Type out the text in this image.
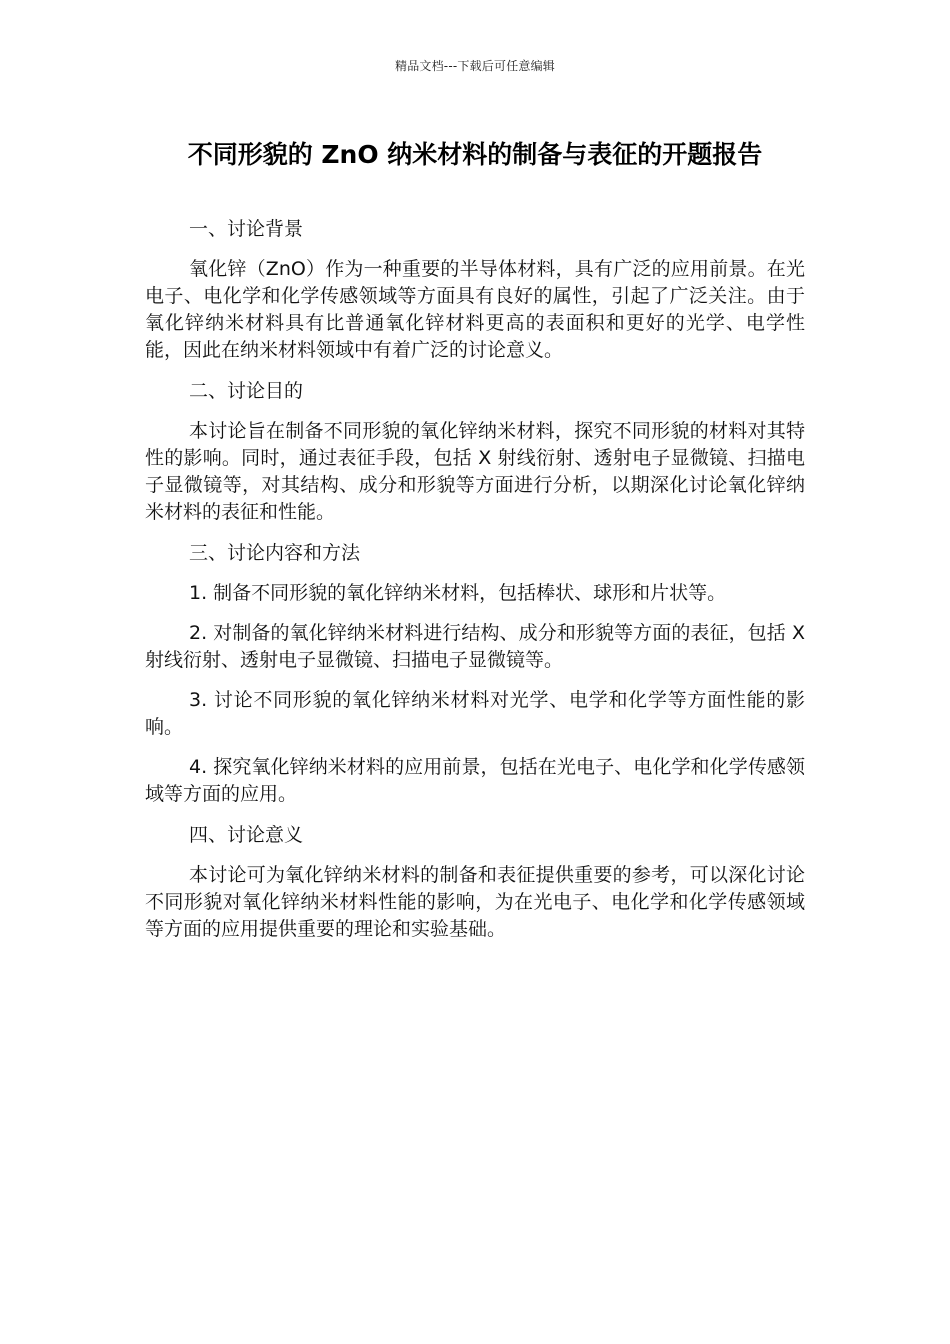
精品文档---下载后可任意编辑
不同形貌的 ZnO 纳米材料的制备与表征的开题报告
一、讨论背景

氧化锌（ZnO）作为一种重要的半导体材料，具有广泛的应用前景。在光电子、电化学和化学传感领域等方面具有良好的属性，引起了广泛关注。由于氧化锌纳米材料具有比普通氧化锌材料更高的表面积和更好的光学、电学性能，因此在纳米材料领域中有着广泛的讨论意义。

二、讨论目的

本讨论旨在制备不同形貌的氧化锌纳米材料，探究不同形貌的材料对其特性的影响。同时，通过表征手段，包括 X 射线衍射、透射电子显微镜、扫描电子显微镜等，对其结构、成分和形貌等方面进行分析，以期深化讨论氧化锌纳米材料的表征和性能。

三、讨论内容和方法

1. 制备不同形貌的氧化锌纳米材料，包括棒状、球形和片状等。

2. 对制备的氧化锌纳米材料进行结构、成分和形貌等方面的表征，包括 X 射线衍射、透射电子显微镜、扫描电子显微镜等。

3. 讨论不同形貌的氧化锌纳米材料对光学、电学和化学等方面性能的影响。

4. 探究氧化锌纳米材料的应用前景，包括在光电子、电化学和化学传感领域等方面的应用。

四、讨论意义

本讨论可为氧化锌纳米材料的制备和表征提供重要的参考，可以深化讨论不同形貌对氧化锌纳米材料性能的影响，为在光电子、电化学和化学传感领域等方面的应用提供重要的理论和实验基础。
